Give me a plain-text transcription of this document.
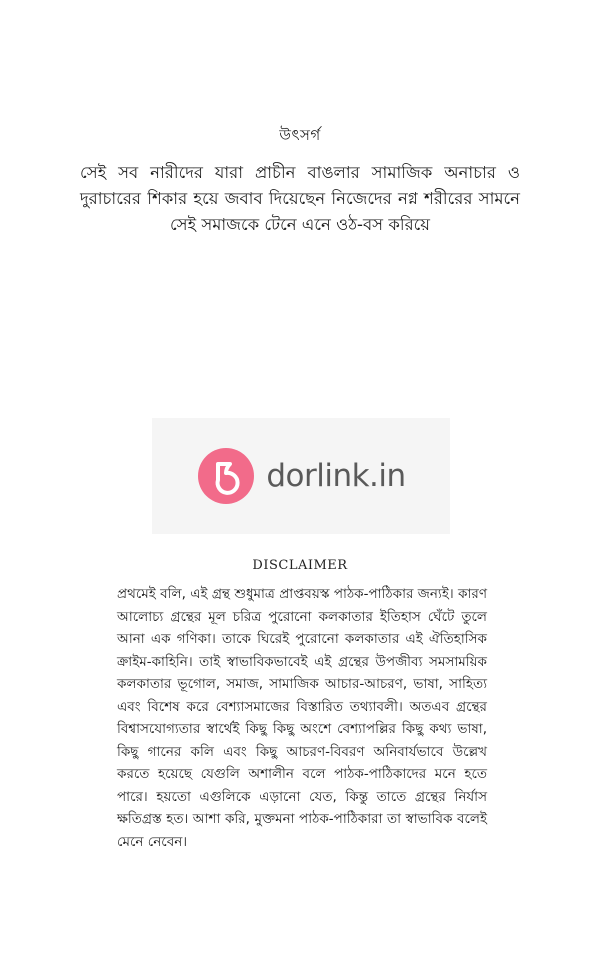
উৎসর্গ
সেই সব নারীদের যারা প্রাচীন বাঙলার সামাজিক অনাচার ও দুরাচারের শিকার হয়ে জবাব দিয়েছেন নিজেদের নগ্ন শরীরের সামনে সেই সমাজকে টেনে এনে ওঠ-বস করিয়ে
dorlink.in
DISCLAIMER
প্রথমেই বলি, এই গ্রন্থ শুধুমাত্র প্রাপ্তবয়স্ক পাঠক-পাঠিকার জন্যই। কারণ আলোচ্য গ্রন্থের মূল চরিত্র পুরোনো কলকাতার ইতিহাস ঘেঁটে তুলে আনা এক গণিকা। তাকে ঘিরেই পুরোনো কলকাতার এই ঐতিহাসিক ক্রাইম-কাহিনি। তাই স্বাভাবিকভাবেই এই গ্রন্থের উপজীব্য সমসাময়িক কলকাতার ভূগোল, সমাজ, সামাজিক আচার-আচরণ, ভাষা, সাহিত্য এবং বিশেষ করে বেশ্যাসমাজের বিস্তারিত তথ্যাবলী। অতএব গ্রন্থের বিশ্বাসযোগ্যতার স্বার্থেই কিছু কিছু অংশে বেশ্যাপল্লির কিছু কথ্য ভাষা, কিছু গানের কলি এবং কিছু আচরণ-বিবরণ অনিবার্যভাবে উল্লেখ করতে হয়েছে যেগুলি অশালীন বলে পাঠক-পাঠিকাদের মনে হতে পারে। হয়তো এগুলিকে এড়ানো যেত, কিন্তু তাতে গ্রন্থের নির্যাস ক্ষতিগ্রস্ত হত। আশা করি, মুক্তমনা পাঠক-পাঠিকারা তা স্বাভাবিক বলেই মেনে নেবেন।
